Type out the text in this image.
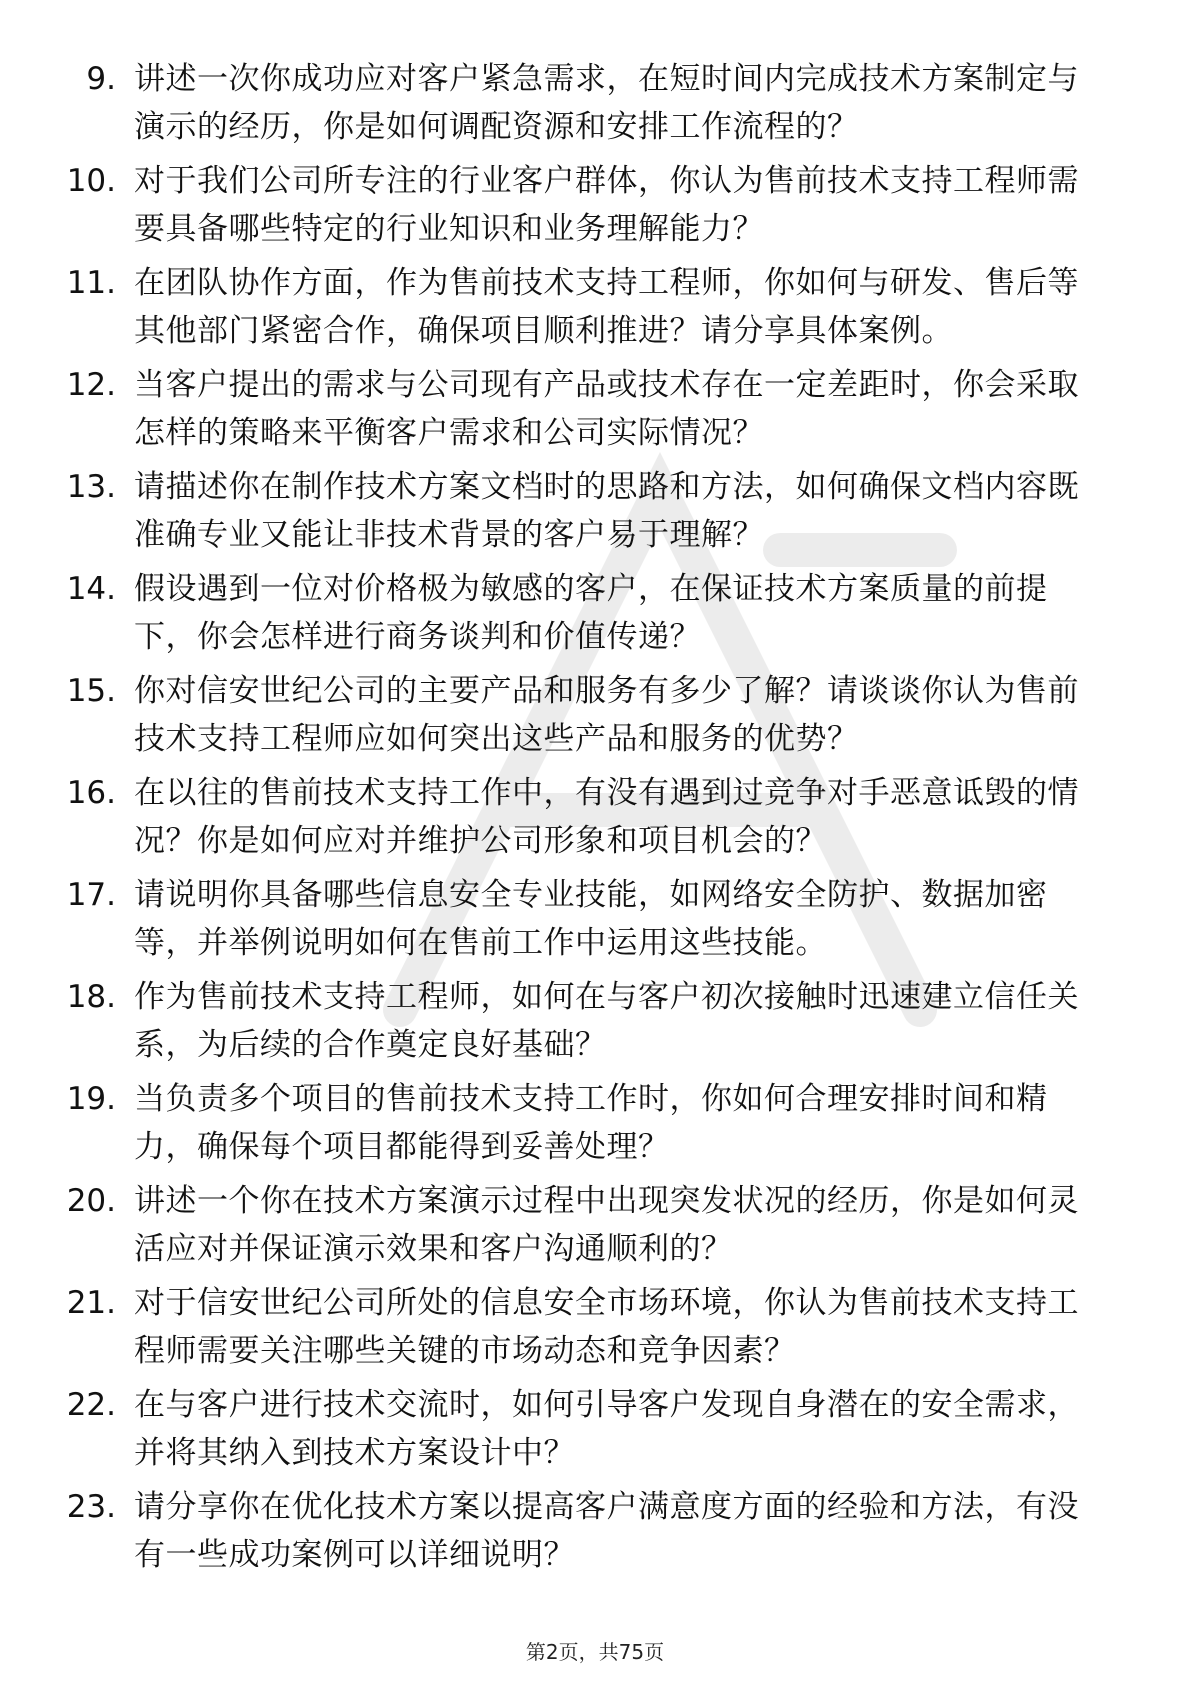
9. 讲述一次你成功应对客户紧急需求，在短时间内完成技术方案制定与演示的经历，你是如何调配资源和安排工作流程的？
10. 对于我们公司所专注的行业客户群体，你认为售前技术支持工程师需要具备哪些特定的行业知识和业务理解能力？
11. 在团队协作方面，作为售前技术支持工程师，你如何与研发、售后等其他部门紧密合作，确保项目顺利推进？请分享具体案例。
12. 当客户提出的需求与公司现有产品或技术存在一定差距时，你会采取怎样的策略来平衡客户需求和公司实际情况？
13. 请描述你在制作技术方案文档时的思路和方法，如何确保文档内容既准确专业又能让非技术背景的客户易于理解？
14. 假设遇到一位对价格极为敏感的客户，在保证技术方案质量的前提下，你会怎样进行商务谈判和价值传递？
15. 你对信安世纪公司的主要产品和服务有多少了解？请谈谈你认为售前技术支持工程师应如何突出这些产品和服务的优势？
16. 在以往的售前技术支持工作中，有没有遇到过竞争对手恶意诋毁的情况？你是如何应对并维护公司形象和项目机会的？
17. 请说明你具备哪些信息安全专业技能，如网络安全防护、数据加密等，并举例说明如何在售前工作中运用这些技能。
18. 作为售前技术支持工程师，如何在与客户初次接触时迅速建立信任关系，为后续的合作奠定良好基础？
19. 当负责多个项目的售前技术支持工作时，你如何合理安排时间和精力，确保每个项目都能得到妥善处理？
20. 讲述一个你在技术方案演示过程中出现突发状况的经历，你是如何灵活应对并保证演示效果和客户沟通顺利的？
21. 对于信安世纪公司所处的信息安全市场环境，你认为售前技术支持工程师需要关注哪些关键的市场动态和竞争因素？
22. 在与客户进行技术交流时，如何引导客户发现自身潜在的安全需求，并将其纳入到技术方案设计中？
23. 请分享你在优化技术方案以提高客户满意度方面的经验和方法，有没有一些成功案例可以详细说明？
第2页，共75页
